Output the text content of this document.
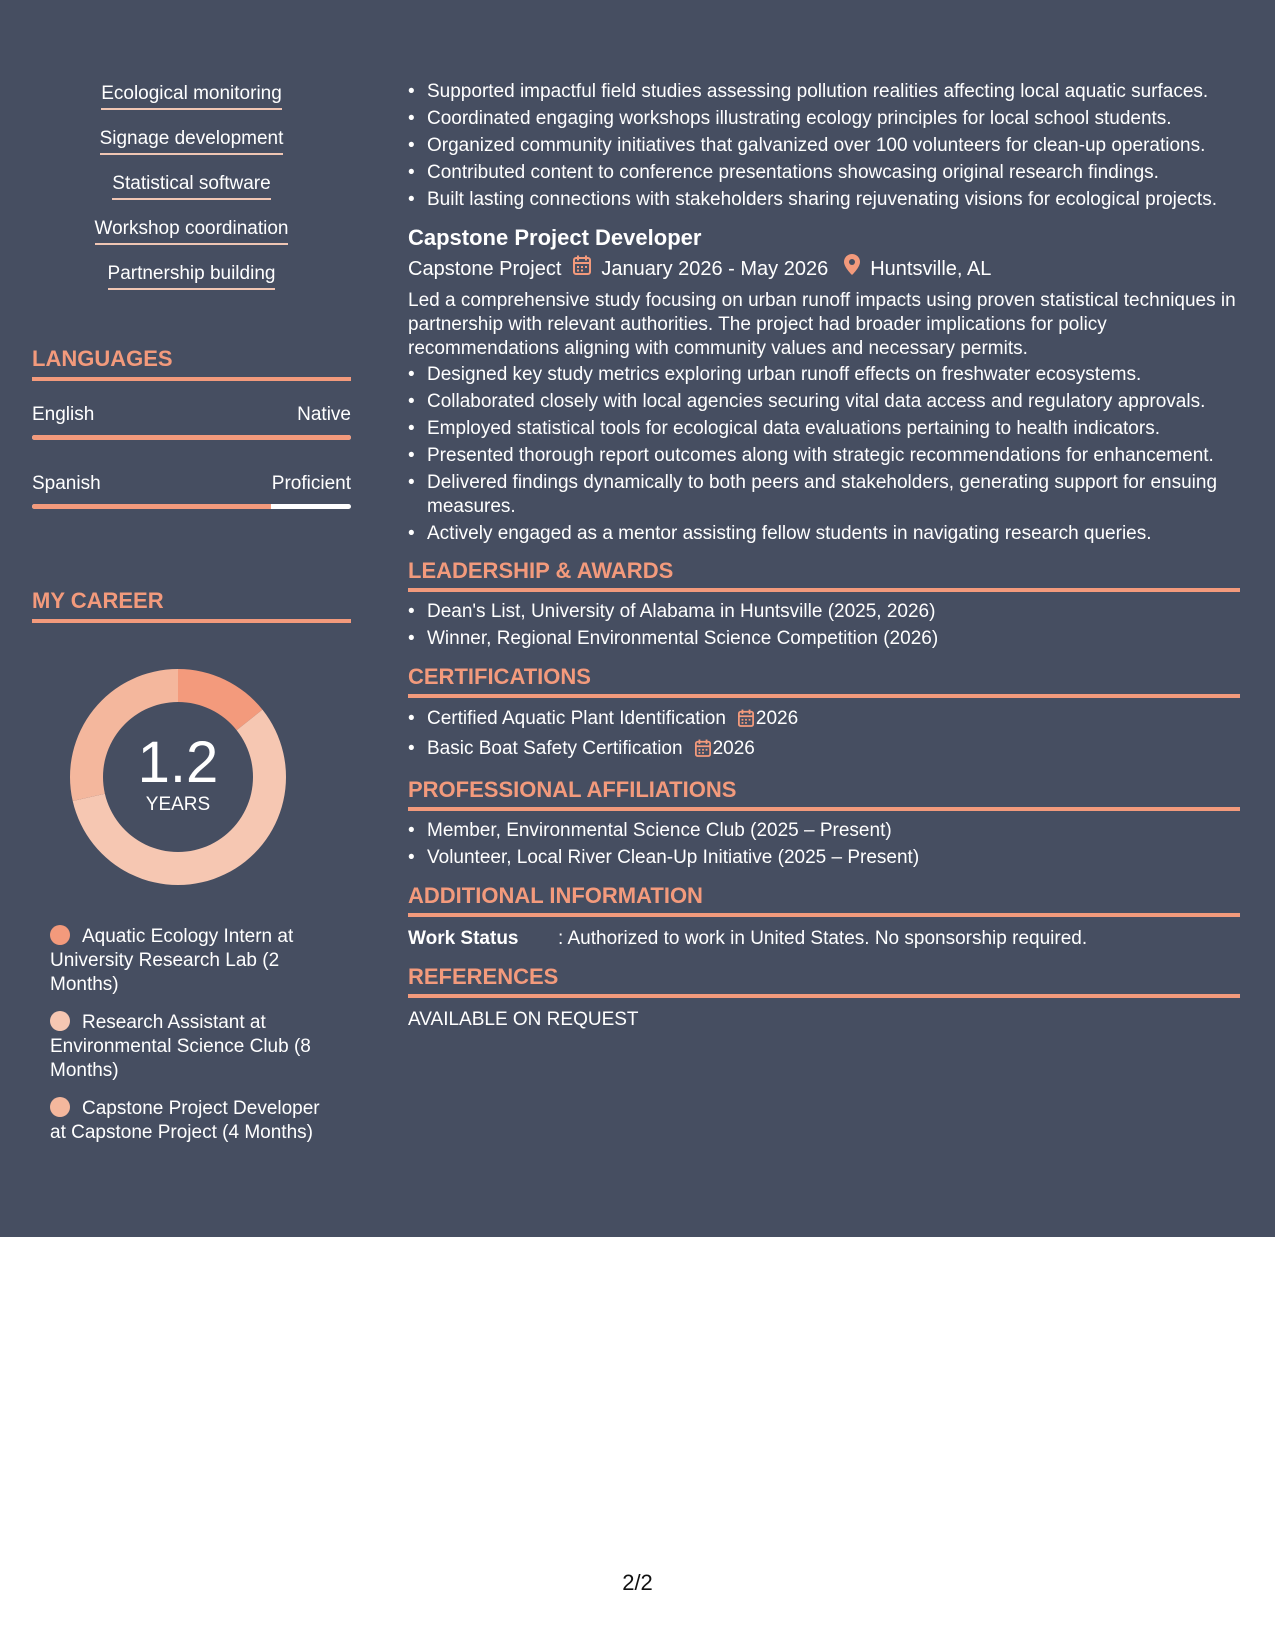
Ecological monitoring
Signage development
Statistical software
Workshop coordination
Partnership building
LANGUAGES
English	Native
Spanish	Proficient
MY CAREER
1.2
YEARS
Aquatic Ecology Intern at University Research Lab (2 Months)
Research Assistant at Environmental Science Club (8 Months)
Capstone Project Developer at Capstone Project (4 Months)
• Supported impactful field studies assessing pollution realities affecting local aquatic surfaces.
• Coordinated engaging workshops illustrating ecology principles for local school students.
• Organized community initiatives that galvanized over 100 volunteers for clean-up operations.
• Contributed content to conference presentations showcasing original research findings.
• Built lasting connections with stakeholders sharing rejuvenating visions for ecological projects.
Capstone Project Developer
Capstone Project January 2026 - May 2026 Huntsville, AL
Led a comprehensive study focusing on urban runoff impacts using proven statistical techniques in partnership with relevant authorities. The project had broader implications for policy recommendations aligning with community values and necessary permits.
• Designed key study metrics exploring urban runoff effects on freshwater ecosystems.
• Collaborated closely with local agencies securing vital data access and regulatory approvals.
• Employed statistical tools for ecological data evaluations pertaining to health indicators.
• Presented thorough report outcomes along with strategic recommendations for enhancement.
• Delivered findings dynamically to both peers and stakeholders, generating support for ensuing measures.
• Actively engaged as a mentor assisting fellow students in navigating research queries.
LEADERSHIP & AWARDS
• Dean's List, University of Alabama in Huntsville (2025, 2026)
• Winner, Regional Environmental Science Competition (2026)
CERTIFICATIONS
• Certified Aquatic Plant Identification 2026
• Basic Boat Safety Certification 2026
PROFESSIONAL AFFILIATIONS
• Member, Environmental Science Club (2025 – Present)
• Volunteer, Local River Clean-Up Initiative (2025 – Present)
ADDITIONAL INFORMATION
Work Status	: Authorized to work in United States. No sponsorship required.
REFERENCES
AVAILABLE ON REQUEST
2/2
